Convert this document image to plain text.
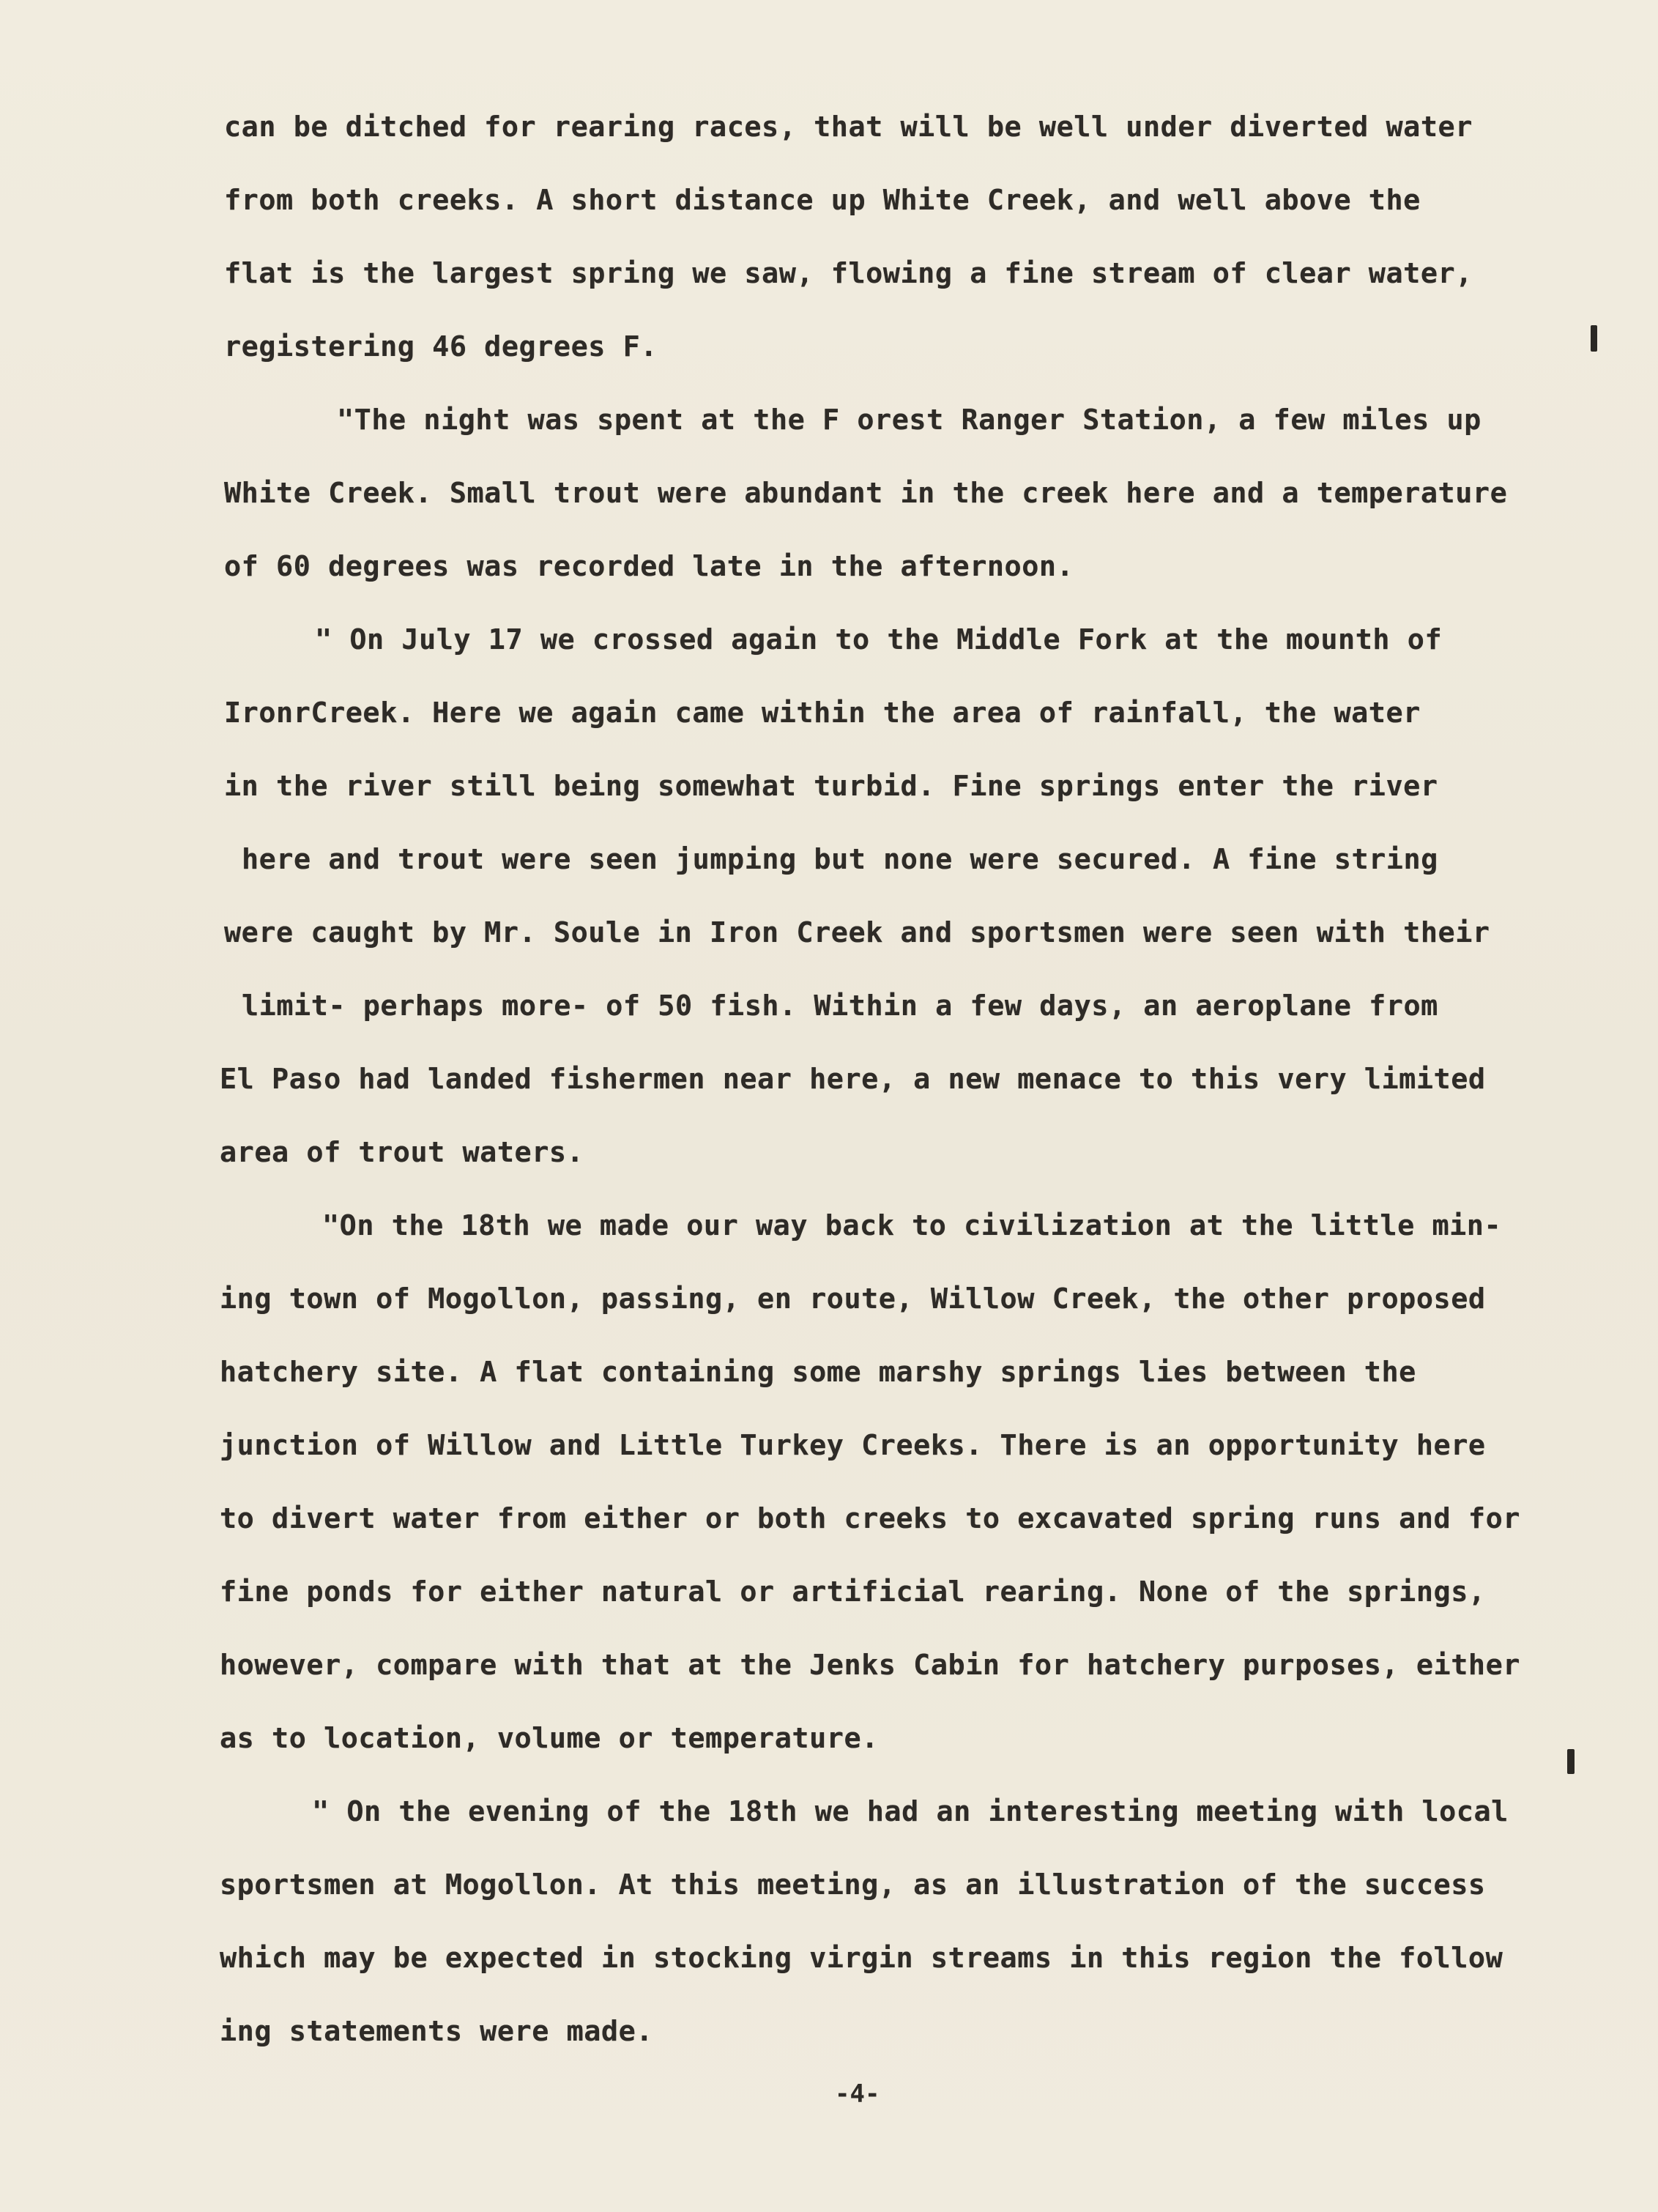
can be ditched for rearing races, that will be well under diverted water
from both creeks. A short distance up White Creek, and well above the
flat is the largest spring we saw, flowing a fine stream of clear water,
registering 46 degrees F.
"The night was spent at the F orest Ranger Station, a few miles up
White Creek. Small trout were abundant in the creek here and a temperature
of 60 degrees was recorded late in the afternoon.
" On July 17 we crossed again to the Middle Fork at the mounth of
IronrCreek. Here we again came within the area of rainfall, the water
in the river still being somewhat turbid. Fine springs enter the river
here and trout were seen jumping but none were secured. A fine string
were caught by Mr. Soule in Iron Creek and sportsmen were seen with their
limit- perhaps more- of 50 fish. Within a few days, an aeroplane from
El Paso had landed fishermen near here, a new menace to this very limited
area of trout waters.
"On the 18th we made our way back to civilization at the little min-
ing town of Mogollon, passing, en route, Willow Creek, the other proposed
hatchery site. A flat containing some marshy springs lies between the
junction of Willow and Little Turkey Creeks. There is an opportunity here
to divert water from either or both creeks to excavated spring runs and for
fine ponds for either natural or artificial rearing. None of the springs,
however, compare with that at the Jenks Cabin for hatchery purposes, either
as to location, volume or temperature.
" On the evening of the 18th we had an interesting meeting with local
sportsmen at Mogollon. At this meeting, as an illustration of the success
which may be expected in stocking virgin streams in this region the follow
ing statements were made.
-4-
